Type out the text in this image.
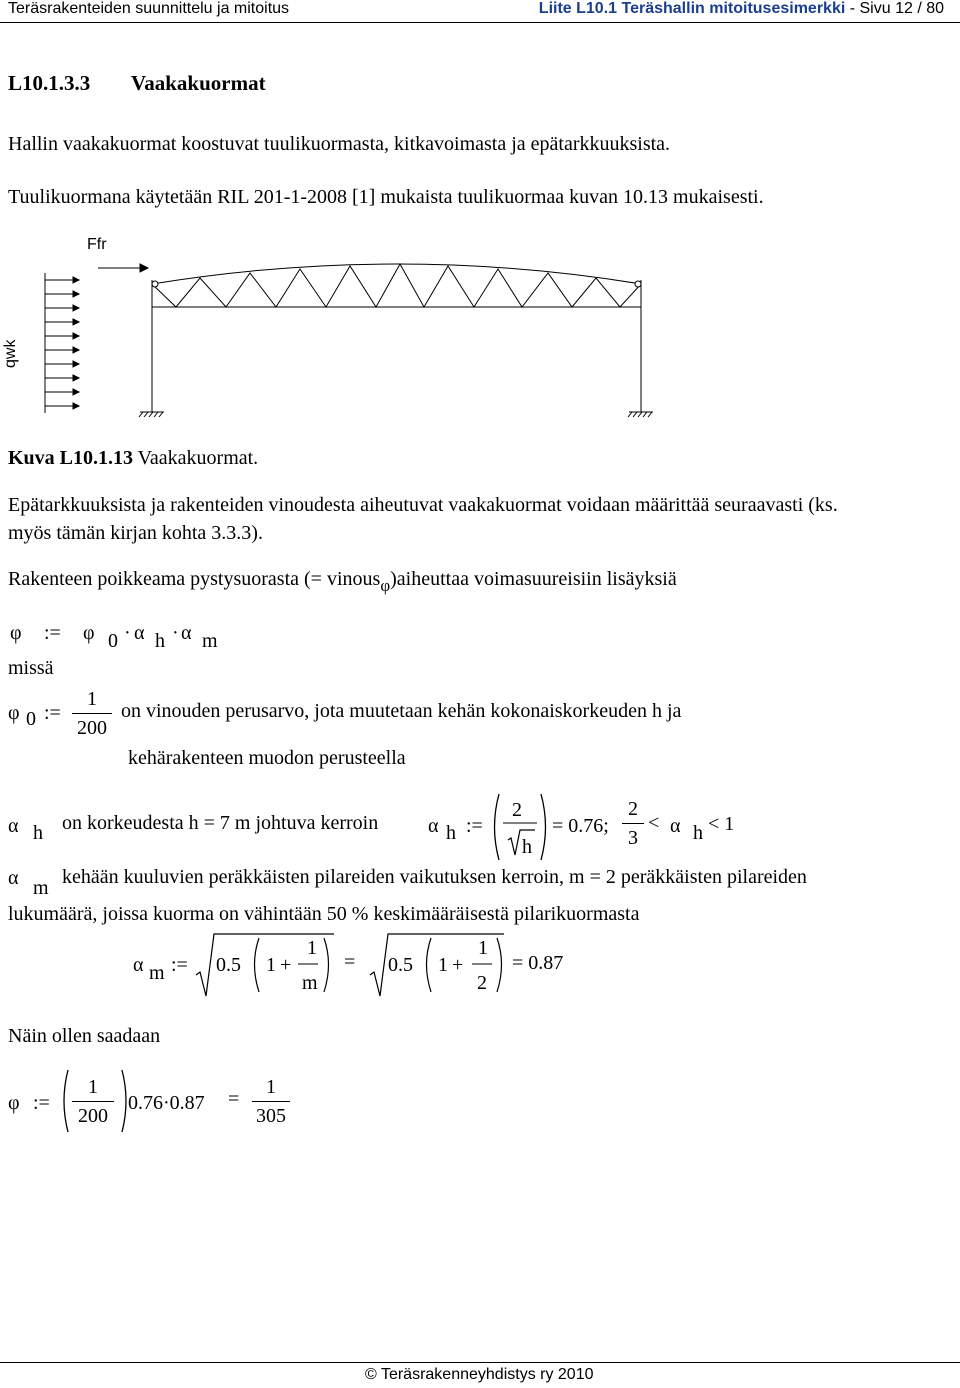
Teräsrakenteiden suunnittelu ja mitoitus	Liite L10.1 Teräshallin mitoitusesimerkki - Sivu 12 / 80
L10.1.3.3 Vaakakuormat
Hallin vaakakuormat koostuvat tuulikuormasta, kitkavoimasta ja epätarkkuuksista.
Tuulikuormana käytetään RIL 201-1-2008 [1] mukaista tuulikuormaa kuvan 10.13 mukaisesti.
Ffr
qwk
Kuva L10.1.13 Vaakakuormat.
Epätarkkuuksista ja rakenteiden vinoudesta aiheutuvat vaakakuormat voidaan määrittää seuraavasti (ks.
myös tämän kirjan kohta 3.3.3).
Rakenteen poikkeama pystysuorasta (= vinous$_\varphi$)aiheuttaa voimasuureisiin lisäyksiä
φ := φ 0 · α h · α m
missä
φ 0 :=
1
200
on vinouden perusarvo, jota muutetaan kehän kokonaiskorkeuden h ja
kehärakenteen muodon perusteella
α h on korkeudesta h = 7 m johtuva kerroin α h :=
2
h
= 0.76;
2
3
< α h < 1
α m kehään kuuluvien peräkkäisten pilareiden vaikutuksen kerroin, m = 2 peräkkäisten pilareiden
lukumäärä, joissa kuorma on vähintään 50 % keskimääräisestä pilarikuormasta
α m := 0.5 1 +
1
m
= 0.5 1 +
1
2
= 0.87
Näin ollen saadaan
φ :=
1
200
0.76·0.87 =
1
305
© Teräsrakenneyhdistys ry 2010
